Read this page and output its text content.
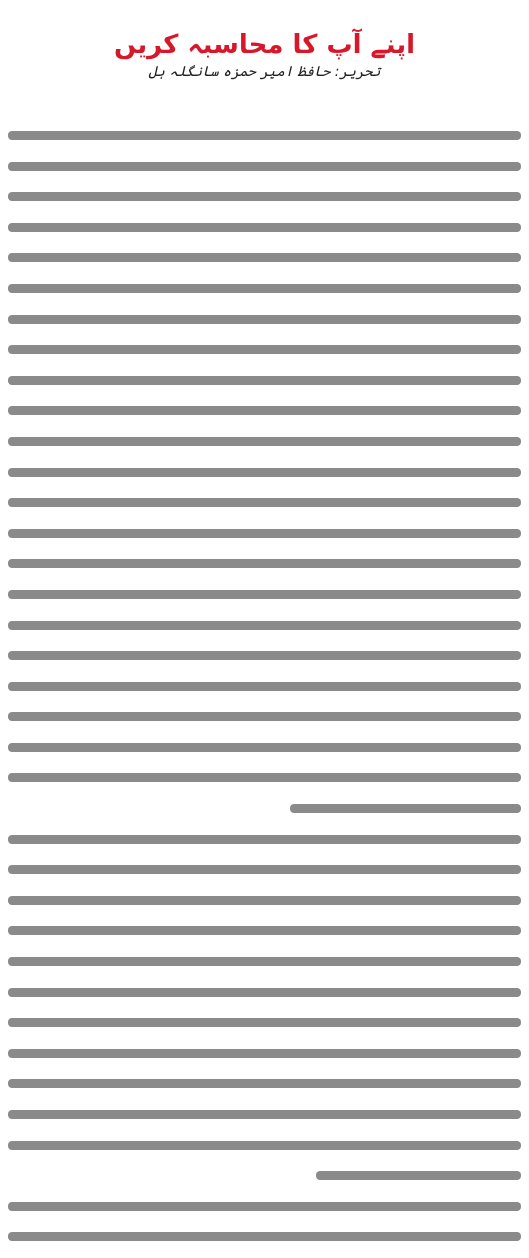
اپنے آپ کا محاسبہ کریں
تحریر: حافظ امیر حمزہ سانگلہ ہل
